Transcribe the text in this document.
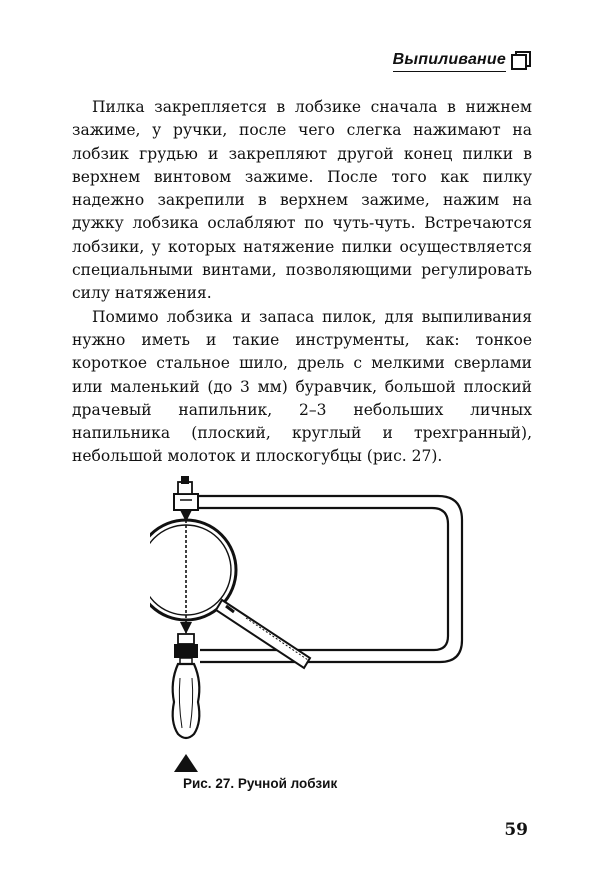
Выпиливание

Пилка закрепляется в лобзике сначала в нижнем зажиме, у ручки, после чего слегка нажимают на лобзик грудью и закрепляют другой конец пилки в верхнем винтовом зажиме. После того как пилку надежно закрепили в верхнем зажиме, нажим на дужку лобзика ослабляют по чуть-чуть. Встречаются лобзики, у которых натяжение пилки осуществляется специальными винтами, позволяющими регулировать силу натяжения.

Помимо лобзика и запаса пилок, для выпиливания нужно иметь и такие инструменты, как: тонкое короткое стальное шило, дрель с мелкими сверлами или маленький (до 3 мм) буравчик, большой плоский драчевый напильник, 2–3 небольших личных напильника (плоский, круглый и трехгранный), небольшой молоток и плоскогубцы (рис. 27).

Рис. 27. Ручной лобзик
59
